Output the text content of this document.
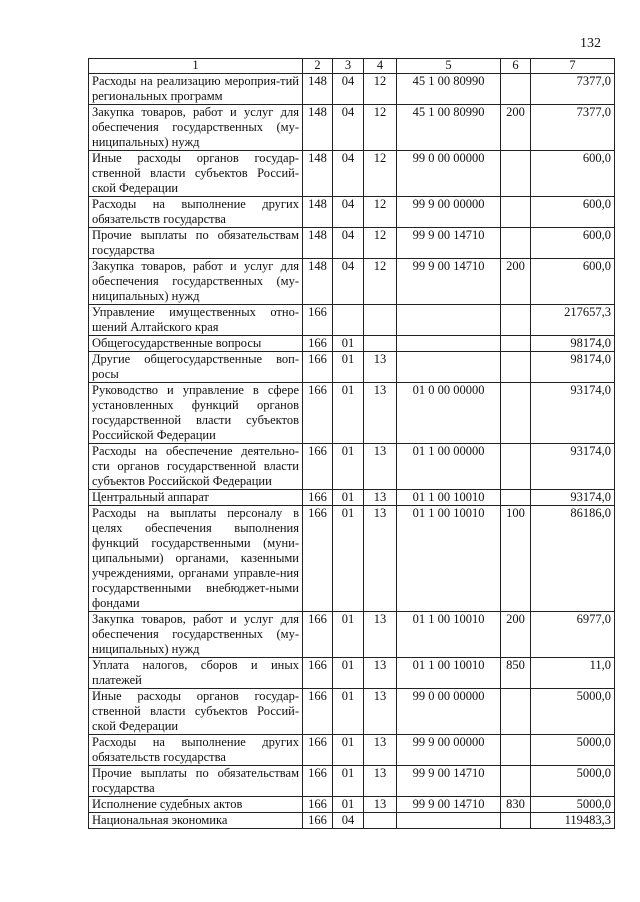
132
1	2	3	4	5	6	7
Расходы на реализацию мероприя-тий региональных программ	148	04	12	45 1 00 80990		7377,0
Закупка товаров, работ и услуг для обеспечения государственных (му-ниципальных) нужд	148	04	12	45 1 00 80990	200	7377,0
Иные расходы органов государ-ственной власти субъектов Россий-ской Федерации	148	04	12	99 0 00 00000		600,0
Расходы на выполнение других обязательств государства	148	04	12	99 9 00 00000		600,0
Прочие выплаты по обязательствам государства	148	04	12	99 9 00 14710		600,0
Закупка товаров, работ и услуг для обеспечения государственных (му-ниципальных) нужд	148	04	12	99 9 00 14710	200	600,0
Управление имущественных отно-шений Алтайского края	166					217657,3
Общегосударственные вопросы	166	01				98174,0
Другие общегосударственные воп-росы	166	01	13			98174,0
Руководство и управление в сфере установленных функций органов государственной власти субъектов Российской Федерации	166	01	13	01 0 00 00000		93174,0
Расходы на обеспечение деятельно-сти органов государственной власти субъектов Российской Федерации	166	01	13	01 1 00 00000		93174,0
Центральный аппарат	166	01	13	01 1 00 10010		93174,0
Расходы на выплаты персоналу в целях обеспечения выполнения функций государственными (муни-ципальными) органами, казенными учреждениями, органами управле-ния государственными внебюджет-ными фондами	166	01	13	01 1 00 10010	100	86186,0
Закупка товаров, работ и услуг для обеспечения государственных (му-ниципальных) нужд	166	01	13	01 1 00 10010	200	6977,0
Уплата налогов, сборов и иных платежей	166	01	13	01 1 00 10010	850	11,0
Иные расходы органов государ-ственной власти субъектов Россий-ской Федерации	166	01	13	99 0 00 00000		5000,0
Расходы на выполнение других обязательств государства	166	01	13	99 9 00 00000		5000,0
Прочие выплаты по обязательствам государства	166	01	13	99 9 00 14710		5000,0
Исполнение судебных актов	166	01	13	99 9 00 14710	830	5000,0
Национальная экономика	166	04				119483,3
